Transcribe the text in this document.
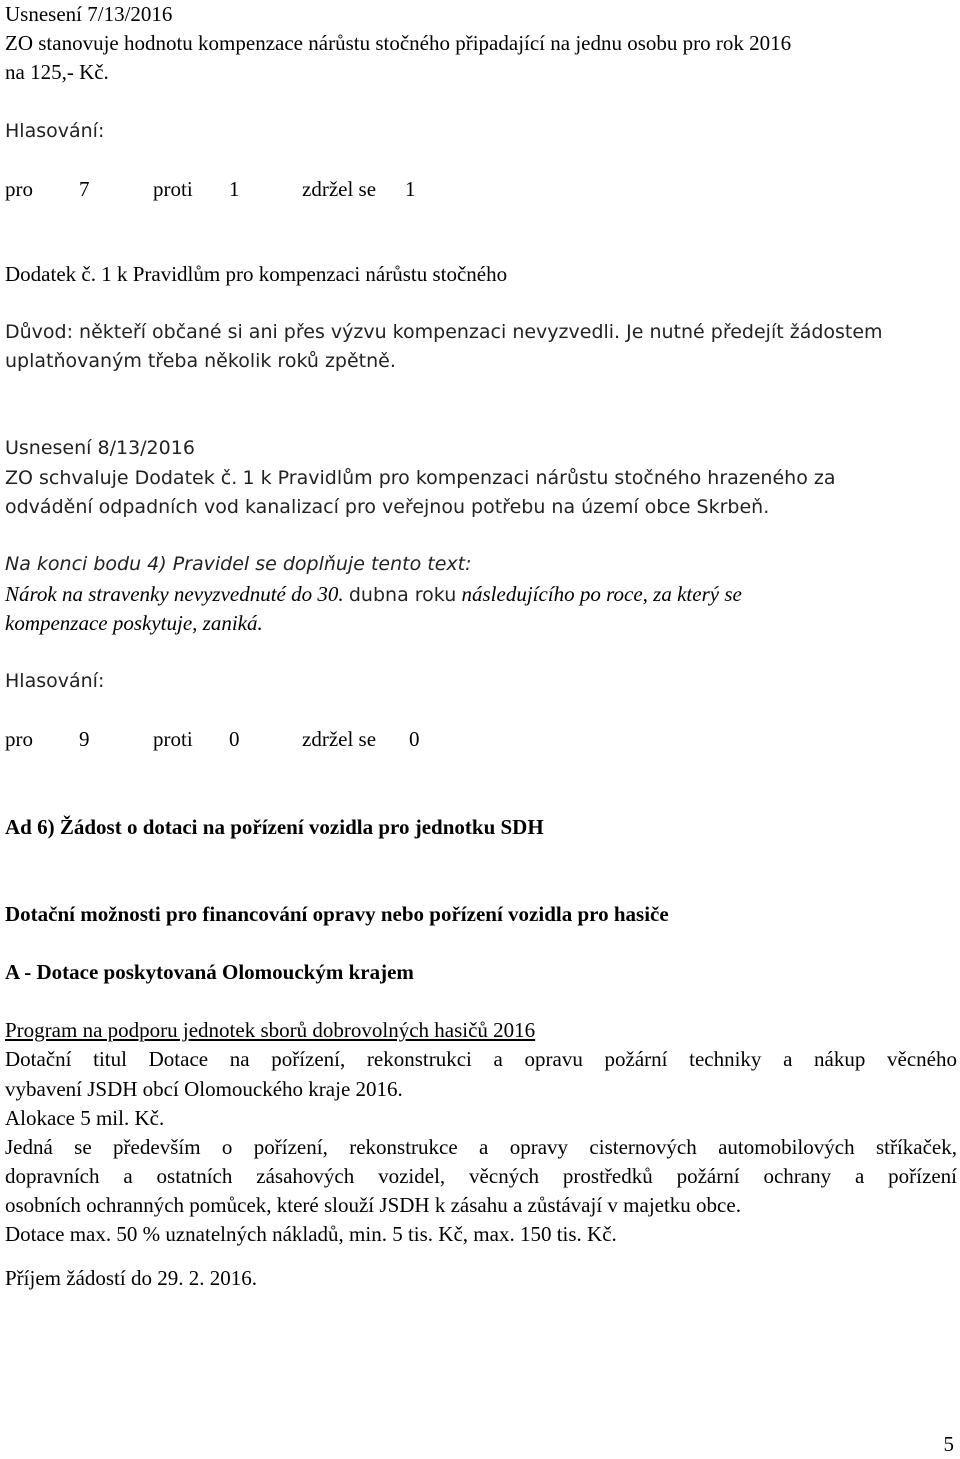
Usnesení 7/13/2016
ZO stanovuje hodnotu kompenzace nárůstu stočného připadající na jednu osobu pro rok 2016
na 125,- Kč.
Hlasování:
pro 7	proti 1	zdržel se 1
Dodatek č. 1 k Pravidlům pro kompenzaci nárůstu stočného
Důvod: někteří občané si ani přes výzvu kompenzaci nevyzvedli. Je nutné předejít žádostem
uplatňovaným třeba několik roků zpětně.
Usnesení 8/13/2016
ZO schvaluje Dodatek č. 1 k Pravidlům pro kompenzaci nárůstu stočného hrazeného za
odvádění odpadních vod kanalizací pro veřejnou potřebu na území obce Skrbeň.
Na konci bodu 4) Pravidel se doplňuje tento text:
Nárok na stravenky nevyzvednuté do 30. dubna roku následujícího po roce, za který se
kompenzace poskytuje, zaniká.
Hlasování:
pro 9	proti 0	zdržel se 0
Ad 6) Žádost o dotaci na pořízení vozidla pro jednotku SDH
Dotační možnosti pro financování opravy nebo pořízení vozidla pro hasiče
A - Dotace poskytovaná Olomouckým krajem
Program na podporu jednotek sborů dobrovolných hasičů 2016
Dotační titul Dotace na pořízení, rekonstrukci a opravu požární techniky a nákup věcného
vybavení JSDH obcí Olomouckého kraje 2016.
Alokace 5 mil. Kč.
Jedná se především o pořízení, rekonstrukce a opravy cisternových automobilových stříkaček,
dopravních a ostatních zásahových vozidel, věcných prostředků požární ochrany a pořízení
osobních ochranných pomůcek, které slouží JSDH k zásahu a zůstávají v majetku obce.
Dotace max. 50 % uznatelných nákladů, min. 5 tis. Kč, max. 150 tis. Kč.
Příjem žádostí do 29. 2. 2016.
5
